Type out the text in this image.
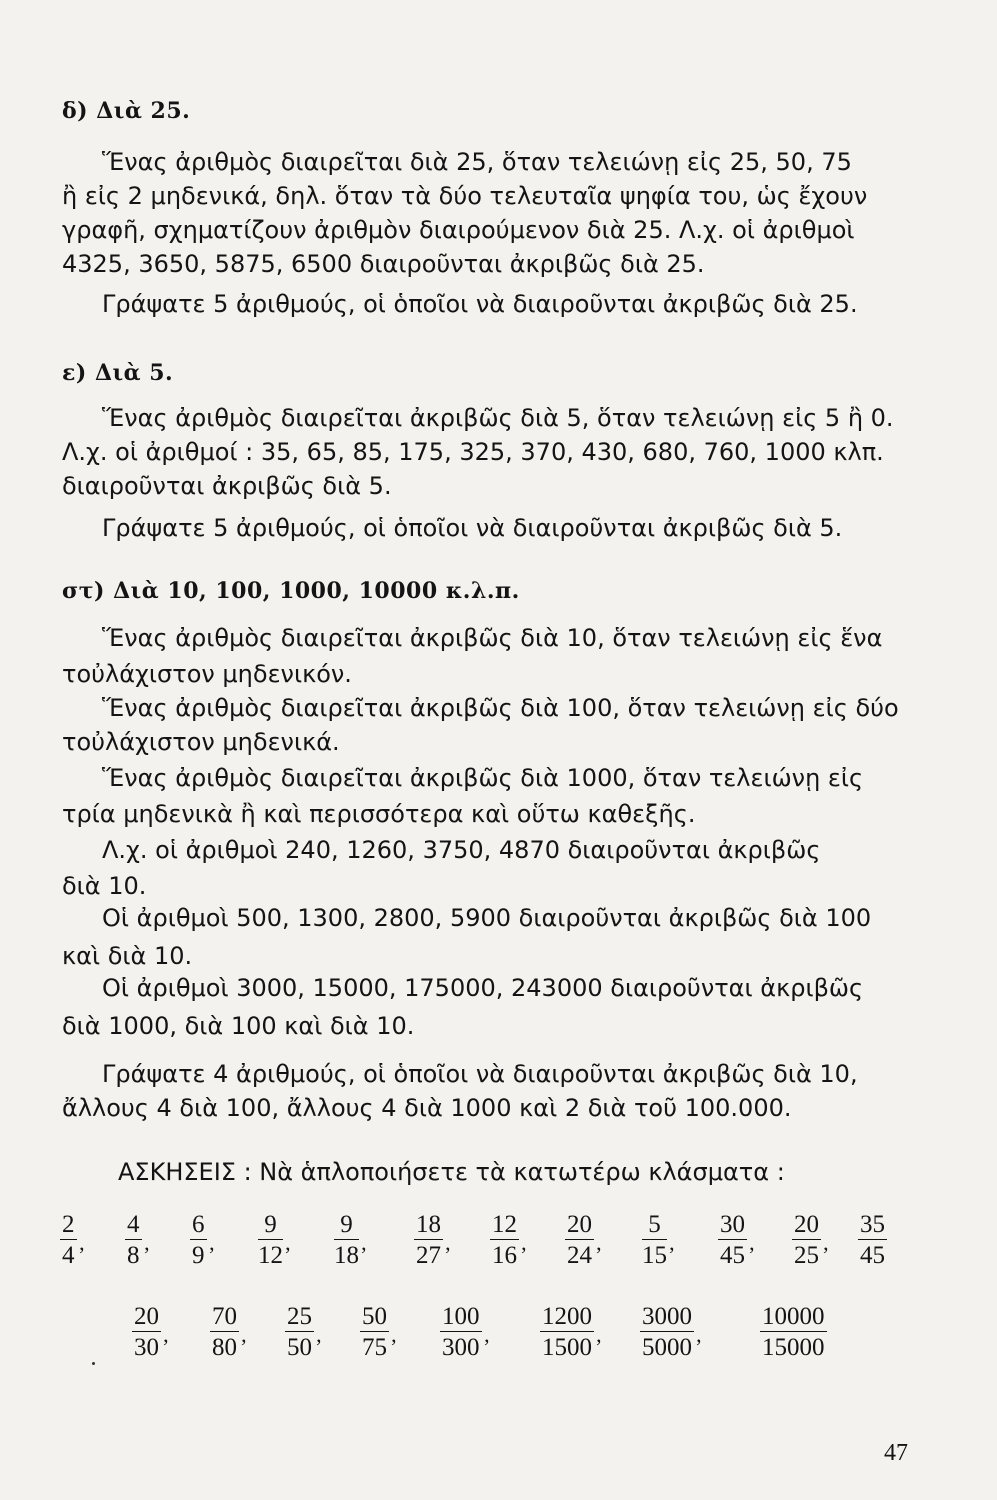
δ) Διὰ 25.
Ἕνας ἀριθμὸς διαιρεῖται διὰ 25, ὅταν τελειώνῃ εἰς 25, 50, 75
ἢ εἰς 2 μηδενικά, δηλ. ὅταν τὰ δύο τελευταῖα ψηφία του, ὡς ἔχουν
γραφῆ, σχηματίζουν ἀριθμὸν διαιρούμενον διὰ 25. Λ.χ. οἱ ἀριθμοὶ
4325, 3650, 5875, 6500 διαιροῦνται ἀκριβῶς διὰ 25.
Γράψατε 5 ἀριθμούς, οἱ ὁποῖοι νὰ διαιροῦνται ἀκριβῶς διὰ 25.
ε) Διὰ 5.
Ἕνας ἀριθμὸς διαιρεῖται ἀκριβῶς διὰ 5, ὅταν τελειώνῃ εἰς 5 ἢ 0.
Λ.χ. οἱ ἀριθμοί : 35, 65, 85, 175, 325, 370, 430, 680, 760, 1000 κλπ.
διαιροῦνται ἀκριβῶς διὰ 5.
Γράψατε 5 ἀριθμούς, οἱ ὁποῖοι νὰ διαιροῦνται ἀκριβῶς διὰ 5.
στ) Διὰ 10, 100, 1000, 10000 κ.λ.π.
Ἕνας ἀριθμὸς διαιρεῖται ἀκριβῶς διὰ 10, ὅταν τελειώνῃ εἰς ἕνα
τοὐλάχιστον μηδενικόν.
Ἕνας ἀριθμὸς διαιρεῖται ἀκριβῶς διὰ 100, ὅταν τελειώνῃ εἰς δύο
τοὐλάχιστον μηδενικά.
Ἕνας ἀριθμὸς διαιρεῖται ἀκριβῶς διὰ 1000, ὅταν τελειώνῃ εἰς
τρία μηδενικὰ ἢ καὶ περισσότερα καὶ οὕτω καθεξῆς.
Λ.χ. οἱ ἀριθμοὶ 240, 1260, 3750, 4870 διαιροῦνται ἀκριβῶς
διὰ 10.
Οἱ ἀριθμοὶ 500, 1300, 2800, 5900 διαιροῦνται ἀκριβῶς διὰ 100
καὶ διὰ 10.
Οἱ ἀριθμοὶ 3000, 15000, 175000, 243000 διαιροῦνται ἀκριβῶς
διὰ 1000, διὰ 100 καὶ διὰ 10.
Γράψατε 4 ἀριθμούς, οἱ ὁποῖοι νὰ διαιροῦνται ἀκριβῶς διὰ 10,
ἄλλους 4 διὰ 100, ἄλλους 4 διὰ 1000 καὶ 2 διὰ τοῦ 100.000.
ΑΣΚΗΣΕΙΣ : Νὰ ἁπλοποιήσετε τὰ κατωτέρω κλάσματα :
$\frac{2}{4}$ ’ $\frac{4}{8}$ ’ $\frac{6}{9}$ ’ $\frac{9}{12}$ ’ $\frac{9}{18}$ ’ $\frac{18}{27}$ ’ $\frac{12}{16}$ ’ $\frac{20}{24}$ ’ $\frac{5}{15}$ ’ $\frac{30}{45}$ ’ $\frac{20}{25}$ ’ $\frac{35}{45}$
$\frac{20}{30}$ ’ $\frac{70}{80}$ ’ $\frac{25}{50}$ ’ $\frac{50}{75}$ ’ $\frac{100}{300}$ ’ $\frac{1200}{1500}$ ’ $\frac{3000}{5000}$ ’ $\frac{10000}{15000}$
47
